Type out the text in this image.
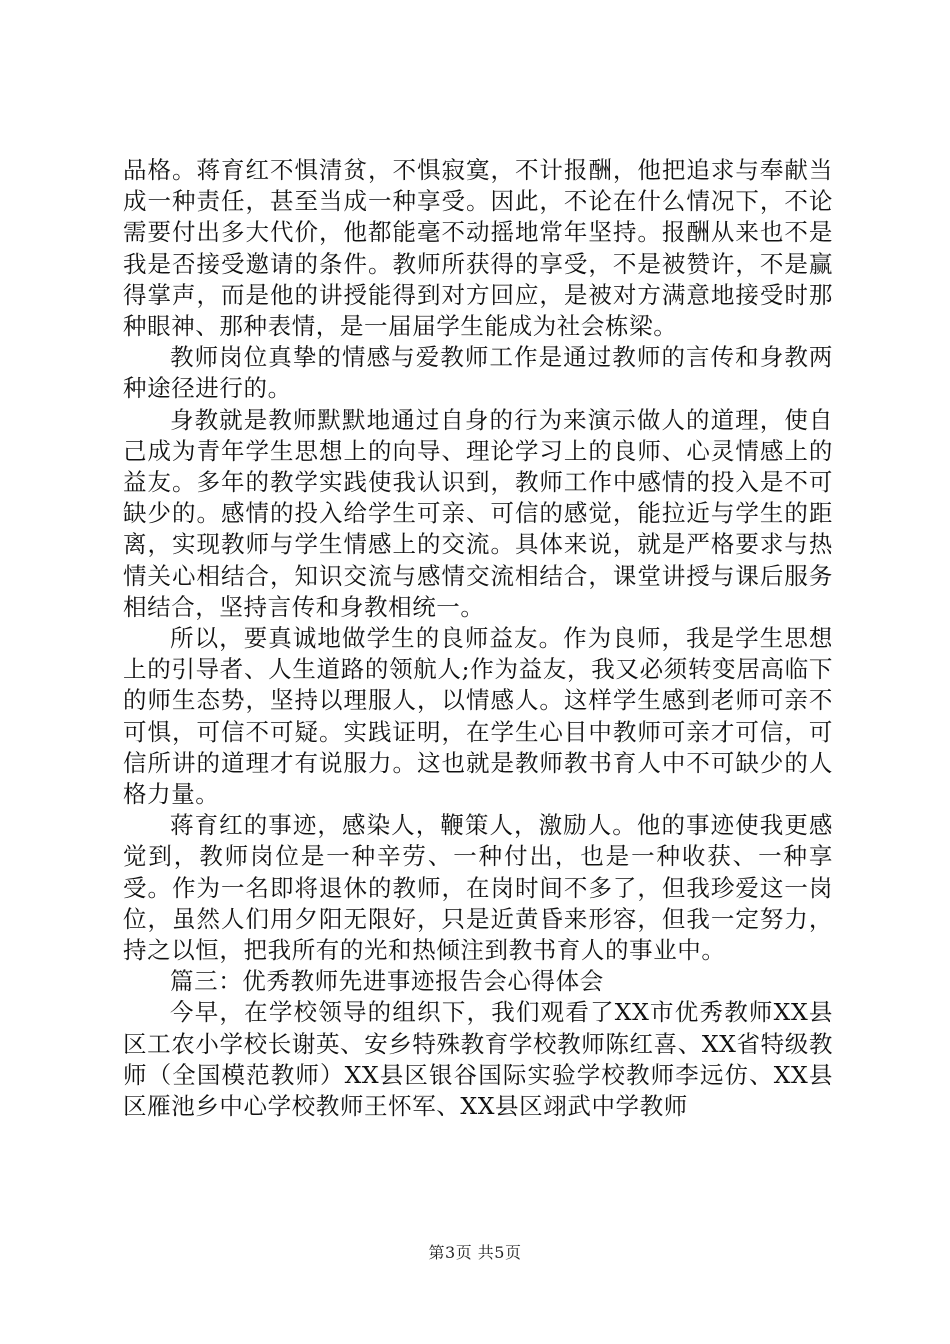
品格。蒋育红不惧清贫，不惧寂寞，不计报酬，他把追求与奉献当成一种责任，甚至当成一种享受。因此，不论在什么情况下，不论需要付出多大代价，他都能毫不动摇地常年坚持。报酬从来也不是我是否接受邀请的条件。教师所获得的享受，不是被赞许，不是赢得掌声，而是他的讲授能得到对方回应，是被对方满意地接受时那种眼神、那种表情，是一届届学生能成为社会栋梁。

教师岗位真挚的情感与爱教师工作是通过教师的言传和身教两种途径进行的。

身教就是教师默默地通过自身的行为来演示做人的道理，使自己成为青年学生思想上的向导、理论学习上的良师、心灵情感上的益友。多年的教学实践使我认识到，教师工作中感情的投入是不可缺少的。感情的投入给学生可亲、可信的感觉，能拉近与学生的距离，实现教师与学生情感上的交流。具体来说，就是严格要求与热情关心相结合，知识交流与感情交流相结合，课堂讲授与课后服务相结合，坚持言传和身教相统一。

所以，要真诚地做学生的良师益友。作为良师，我是学生思想上的引导者、人生道路的领航人;作为益友，我又必须转变居高临下的师生态势，坚持以理服人，以情感人。这样学生感到老师可亲不可惧，可信不可疑。实践证明，在学生心目中教师可亲才可信，可信所讲的道理才有说服力。这也就是教师教书育人中不可缺少的人格力量。

蒋育红的事迹，感染人，鞭策人，激励人。他的事迹使我更感觉到，教师岗位是一种辛劳、一种付出，也是一种收获、一种享受。作为一名即将退休的教师，在岗时间不多了，但我珍爱这一岗位，虽然人们用夕阳无限好，只是近黄昏来形容，但我一定努力，持之以恒，把我所有的光和热倾注到教书育人的事业中。

篇三：优秀教师先进事迹报告会心得体会

今早，在学校领导的组织下，我们观看了XX市优秀教师XX县区工农小学校长谢英、安乡特殊教育学校教师陈红喜、XX省特级教师（全国模范教师）XX县区银谷国际实验学校教师李远仿、XX县区雁池乡中心学校教师王怀军、XX县区翊武中学教师

第3页 共5页
